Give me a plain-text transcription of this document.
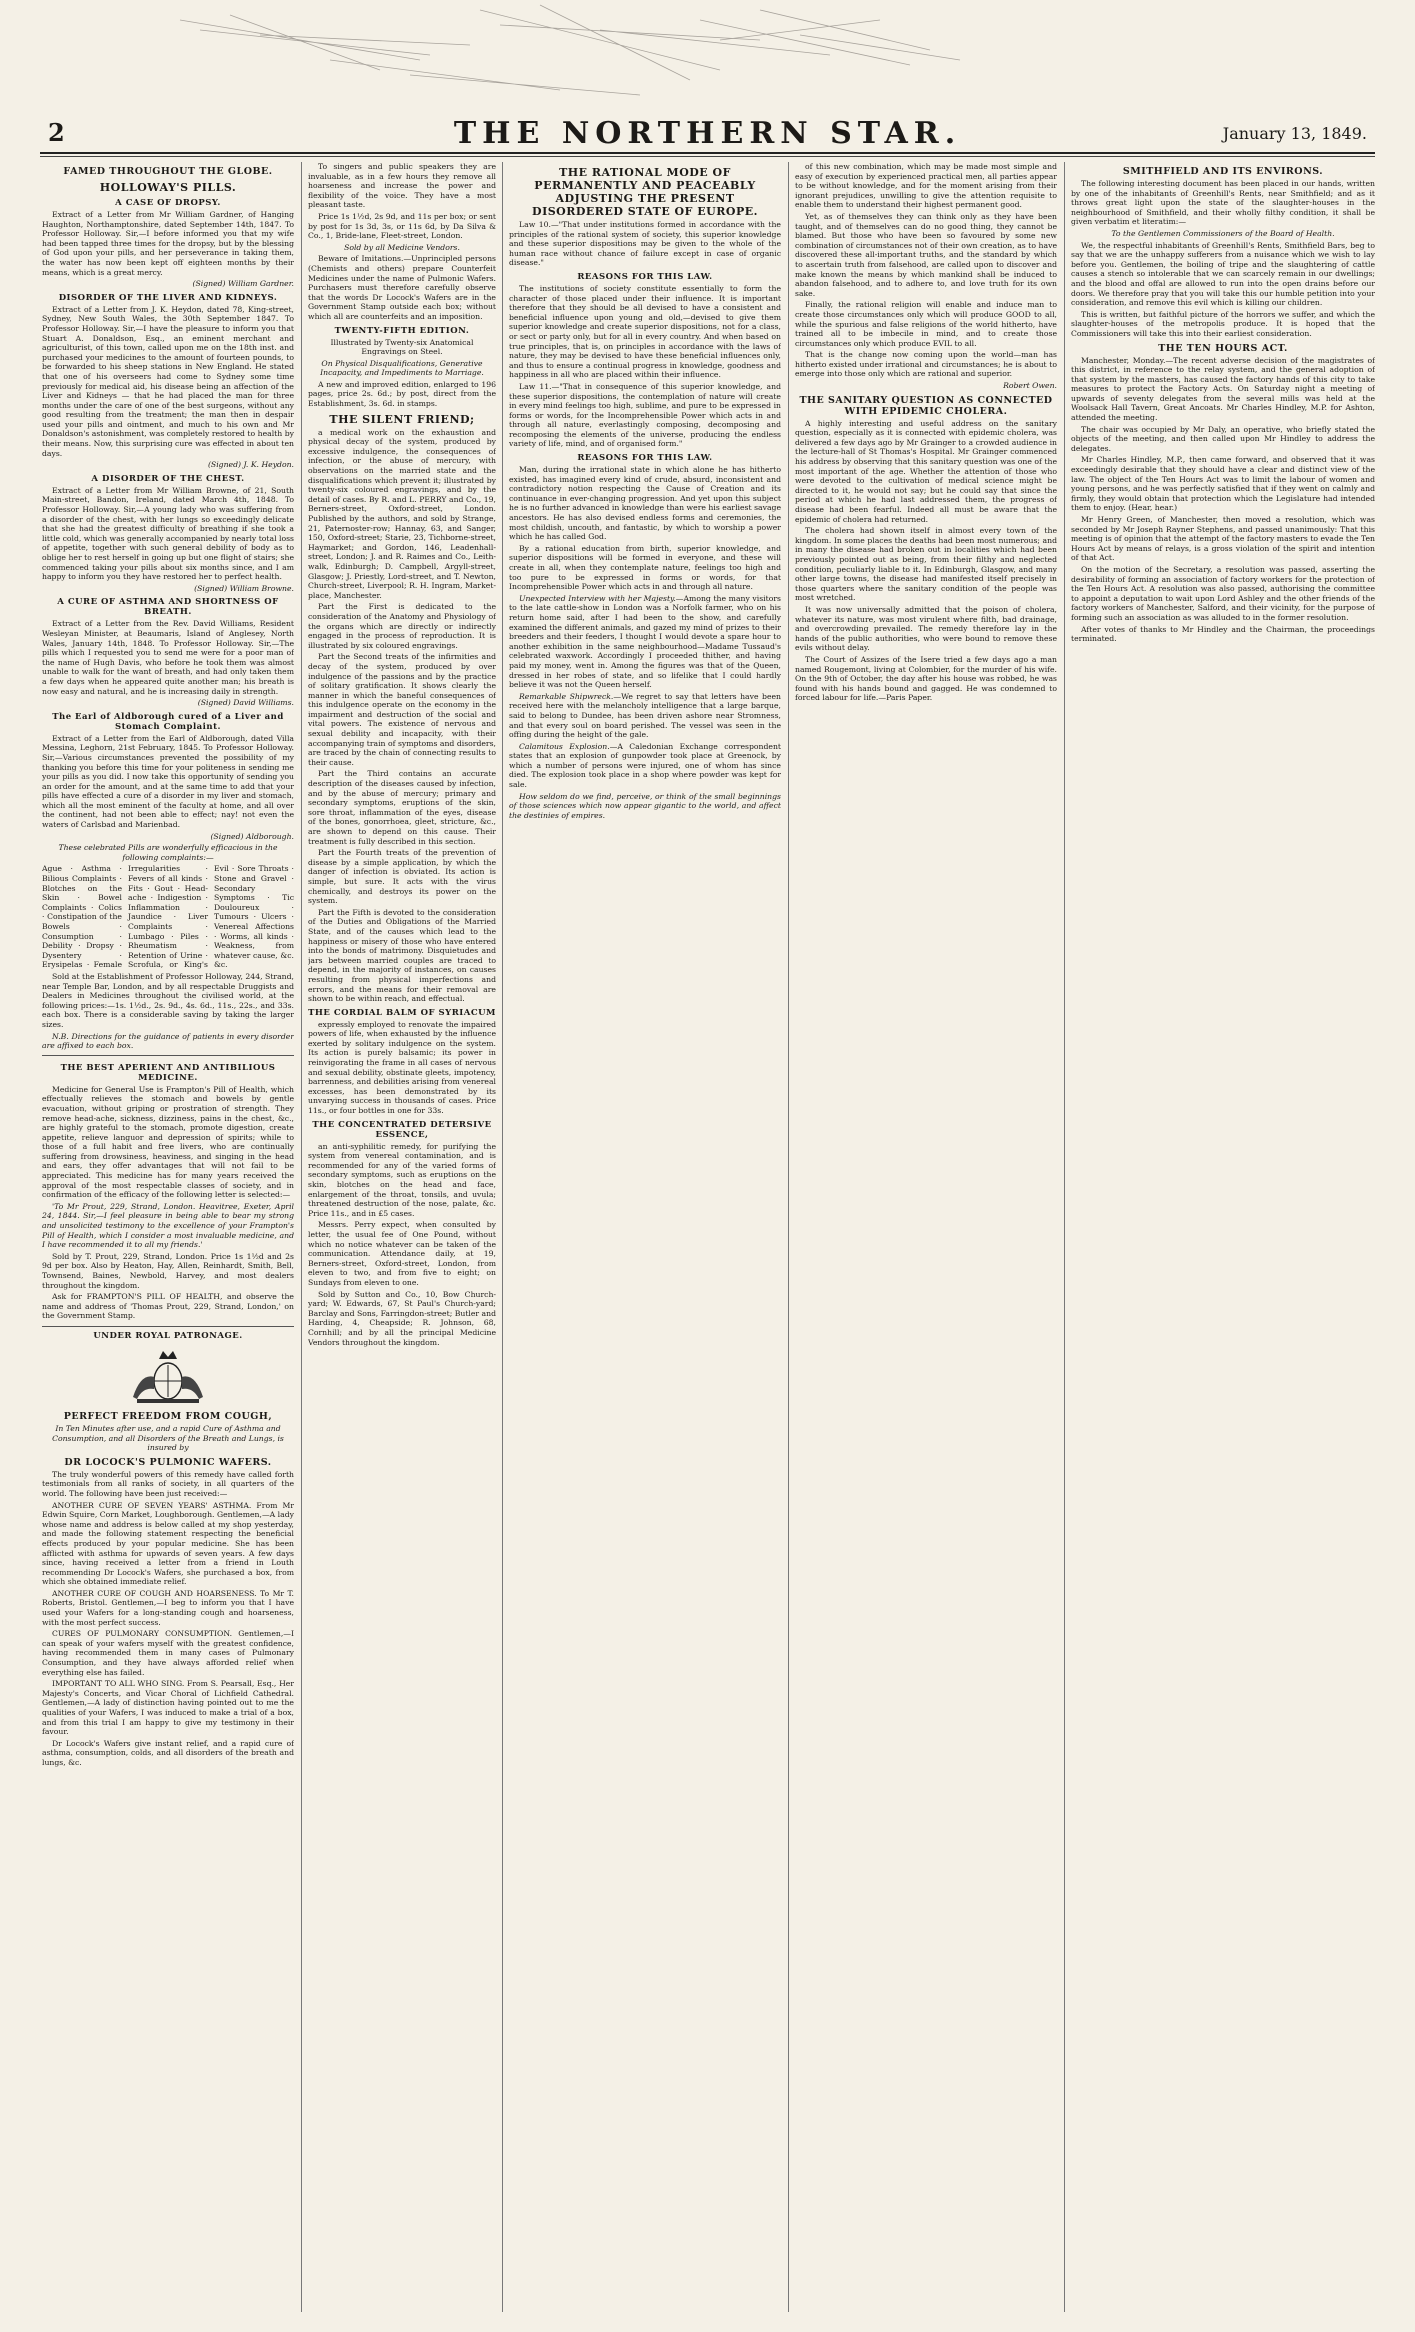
2	THE NORTHERN STAR.	January 13, 1849.
FAMED THROUGHOUT THE GLOBE.
HOLLOWAY'S PILLS.
A CASE OF DROPSY.

Extract of a Letter from Mr William Gardner, of Hanging Haughton, Northamptonshire, dated September 14th, 1847. To Professor Holloway. Sir,—I before informed you that my wife had been tapped three times for the dropsy, but by the blessing of God upon your pills, and her perseverance in taking them, the water has now been kept off eighteen months by their means, which is a great mercy.

(Signed) William Gardner.

DISORDER OF THE LIVER AND KIDNEYS.

Extract of a Letter from J. K. Heydon, dated 78, King-street, Sydney, New South Wales, the 30th September 1847. To Professor Holloway. Sir,—I have the pleasure to inform you that Stuart A. Donaldson, Esq., an eminent merchant and agriculturist, of this town, called upon me on the 18th inst. and purchased your medicines to the amount of fourteen pounds, to be forwarded to his sheep stations in New England. He stated that one of his overseers had come to Sydney some time previously for medical aid, his disease being an affection of the Liver and Kidneys — that he had placed the man for three months under the care of one of the best surgeons, without any good resulting from the treatment; the man then in despair used your pills and ointment, and much to his own and Mr Donaldson's astonishment, was completely restored to health by their means. Now, this surprising cure was effected in about ten days.

(Signed) J. K. Heydon.

A DISORDER OF THE CHEST.

Extract of a Letter from Mr William Browne, of 21, South Main-street, Bandon, Ireland, dated March 4th, 1848. To Professor Holloway. Sir,—A young lady who was suffering from a disorder of the chest, with her lungs so exceedingly delicate that she had the greatest difficulty of breathing if she took a little cold, which was generally accompanied by nearly total loss of appetite, together with such general debility of body as to oblige her to rest herself in going up but one flight of stairs; she commenced taking your pills about six months since, and I am happy to inform you they have restored her to perfect health.

(Signed) William Browne.

A CURE OF ASTHMA AND SHORTNESS OF BREATH.

Extract of a Letter from the Rev. David Williams, Resident Wesleyan Minister, at Beaumaris, Island of Anglesey, North Wales, January 14th, 1848. To Professor Holloway. Sir,—The pills which I requested you to send me were for a poor man of the name of Hugh Davis, who before he took them was almost unable to walk for the want of breath, and had only taken them a few days when he appeared quite another man; his breath is now easy and natural, and he is increasing daily in strength.

(Signed) David Williams.

The Earl of Aldborough cured of a Liver and Stomach Complaint.

Extract of a Letter from the Earl of Aldborough, dated Villa Messina, Leghorn, 21st February, 1845. To Professor Holloway. Sir,—Various circumstances prevented the possibility of my thanking you before this time for your politeness in sending me your pills as you did. I now take this opportunity of sending you an order for the amount, and at the same time to add that your pills have effected a cure of a disorder in my liver and stomach, which all the most eminent of the faculty at home, and all over the continent, had not been able to effect; nay! not even the waters of Carlsbad and Marienbad.

(Signed) Aldborough.

These celebrated Pills are wonderfully efficacious in the following complaints:—

Ague · Asthma · Bilious Complaints · Blotches on the Skin · Bowel Complaints · Colics · Constipation of the Bowels · Consumption · Debility · Dropsy · Dysentery · Erysipelas · Female Irregularities · Fevers of all kinds · Fits · Gout · Head-ache · Indigestion · Inflammation · Jaundice · Liver Complaints · Lumbago · Piles · Rheumatism · Retention of Urine · Scrofula, or King's Evil · Sore Throats · Stone and Gravel · Secondary Symptoms · Tic Douloureux · Tumours · Ulcers · Venereal Affections · Worms, all kinds · Weakness, from whatever cause, &c. &c.

Sold at the Establishment of Professor Holloway, 244, Strand, near Temple Bar, London, and by all respectable Druggists and Dealers in Medicines throughout the civilised world, at the following prices:—1s. 1½d., 2s. 9d., 4s. 6d., 11s., 22s., and 33s. each box. There is a considerable saving by taking the larger sizes.

N.B. Directions for the guidance of patients in every disorder are affixed to each box.

THE BEST APERIENT AND ANTIBILIOUS MEDICINE.

Medicine for General Use is Frampton's Pill of Health, which effectually relieves the stomach and bowels by gentle evacuation, without griping or prostration of strength. They remove head-ache, sickness, dizziness, pains in the chest, &c., are highly grateful to the stomach, promote digestion, create appetite, relieve languor and depression of spirits; while to those of a full habit and free livers, who are continually suffering from drowsiness, heaviness, and singing in the head and ears, they offer advantages that will not fail to be appreciated. This medicine has for many years received the approval of the most respectable classes of society, and in confirmation of the efficacy of the following letter is selected:—

'To Mr Prout, 229, Strand, London. Heavitree, Exeter, April 24, 1844. Sir,—I feel pleasure in being able to bear my strong and unsolicited testimony to the excellence of your Frampton's Pill of Health, which I consider a most invaluable medicine, and I have recommended it to all my friends.'

Sold by T. Prout, 229, Strand, London. Price 1s 1½d and 2s 9d per box. Also by Heaton, Hay, Allen, Reinhardt, Smith, Bell, Townsend, Baines, Newbold, Harvey, and most dealers throughout the kingdom.

Ask for FRAMPTON'S PILL OF HEALTH, and observe the name and address of 'Thomas Prout, 229, Strand, London,' on the Government Stamp.

UNDER ROYAL PATRONAGE.
PERFECT FREEDOM FROM COUGH,

In Ten Minutes after use, and a rapid Cure of Asthma and Consumption, and all Disorders of the Breath and Lungs, is insured by

DR LOCOCK'S PULMONIC WAFERS.

The truly wonderful powers of this remedy have called forth testimonials from all ranks of society, in all quarters of the world. The following have been just received:—

ANOTHER CURE OF SEVEN YEARS' ASTHMA. From Mr Edwin Squire, Corn Market, Loughborough. Gentlemen,—A lady whose name and address is below called at my shop yesterday, and made the following statement respecting the beneficial effects produced by your popular medicine. She has been afflicted with asthma for upwards of seven years. A few days since, having received a letter from a friend in Louth recommending Dr Locock's Wafers, she purchased a box, from which she obtained immediate relief.

ANOTHER CURE OF COUGH AND HOARSENESS. To Mr T. Roberts, Bristol. Gentlemen,—I beg to inform you that I have used your Wafers for a long-standing cough and hoarseness, with the most perfect success.

CURES OF PULMONARY CONSUMPTION. Gentlemen,—I can speak of your wafers myself with the greatest confidence, having recommended them in many cases of Pulmonary Consumption, and they have always afforded relief when everything else has failed.

IMPORTANT TO ALL WHO SING. From S. Pearsall, Esq., Her Majesty's Concerts, and Vicar Choral of Lichfield Cathedral. Gentlemen,—A lady of distinction having pointed out to me the qualities of your Wafers, I was induced to make a trial of a box, and from this trial I am happy to give my testimony in their favour.

Dr Locock's Wafers give instant relief, and a rapid cure of asthma, consumption, colds, and all disorders of the breath and lungs, &c.

To singers and public speakers they are invaluable, as in a few hours they remove all hoarseness and increase the power and flexibility of the voice. They have a most pleasant taste.

Price 1s 1½d, 2s 9d, and 11s per box; or sent by post for 1s 3d, 3s, or 11s 6d, by Da Silva & Co., 1, Bride-lane, Fleet-street, London.

Sold by all Medicine Vendors.

Beware of Imitations.—Unprincipled persons (Chemists and others) prepare Counterfeit Medicines under the name of Pulmonic Wafers. Purchasers must therefore carefully observe that the words Dr Locock's Wafers are in the Government Stamp outside each box; without which all are counterfeits and an imposition.

TWENTY-FIFTH EDITION.

Illustrated by Twenty-six Anatomical Engravings on Steel.

On Physical Disqualifications, Generative Incapacity, and Impediments to Marriage.

A new and improved edition, enlarged to 196 pages, price 2s. 6d.; by post, direct from the Establishment, 3s. 6d. in stamps.

THE SILENT FRIEND;

a medical work on the exhaustion and physical decay of the system, produced by excessive indulgence, the consequences of infection, or the abuse of mercury, with observations on the married state and the disqualifications which prevent it; illustrated by twenty-six coloured engravings, and by the detail of cases. By R. and L. PERRY and Co., 19, Berners-street, Oxford-street, London. Published by the authors, and sold by Strange, 21, Paternoster-row; Hannay, 63, and Sanger, 150, Oxford-street; Starie, 23, Tichborne-street, Haymarket; and Gordon, 146, Leadenhall-street, London; J. and R. Raimes and Co., Leith-walk, Edinburgh; D. Campbell, Argyll-street, Glasgow; J. Priestly, Lord-street, and T. Newton, Church-street, Liverpool; R. H. Ingram, Market-place, Manchester.

Part the First is dedicated to the consideration of the Anatomy and Physiology of the organs which are directly or indirectly engaged in the process of reproduction. It is illustrated by six coloured engravings.

Part the Second treats of the infirmities and decay of the system, produced by over indulgence of the passions and by the practice of solitary gratification. It shows clearly the manner in which the baneful consequences of this indulgence operate on the economy in the impairment and destruction of the social and vital powers. The existence of nervous and sexual debility and incapacity, with their accompanying train of symptoms and disorders, are traced by the chain of connecting results to their cause.

Part the Third contains an accurate description of the diseases caused by infection, and by the abuse of mercury; primary and secondary symptoms, eruptions of the skin, sore throat, inflammation of the eyes, disease of the bones, gonorrhoea, gleet, stricture, &c., are shown to depend on this cause. Their treatment is fully described in this section.

Part the Fourth treats of the prevention of disease by a simple application, by which the danger of infection is obviated. Its action is simple, but sure. It acts with the virus chemically, and destroys its power on the system.

Part the Fifth is devoted to the consideration of the Duties and Obligations of the Married State, and of the causes which lead to the happiness or misery of those who have entered into the bonds of matrimony. Disquietudes and jars between married couples are traced to depend, in the majority of instances, on causes resulting from physical imperfections and errors, and the means for their removal are shown to be within reach, and effectual.

THE CORDIAL BALM OF SYRIACUM

expressly employed to renovate the impaired powers of life, when exhausted by the influence exerted by solitary indulgence on the system. Its action is purely balsamic; its power in reinvigorating the frame in all cases of nervous and sexual debility, obstinate gleets, impotency, barrenness, and debilities arising from venereal excesses, has been demonstrated by its unvarying success in thousands of cases. Price 11s., or four bottles in one for 33s.

THE CONCENTRATED DETERSIVE ESSENCE,

an anti-syphilitic remedy, for purifying the system from venereal contamination, and is recommended for any of the varied forms of secondary symptoms, such as eruptions on the skin, blotches on the head and face, enlargement of the throat, tonsils, and uvula; threatened destruction of the nose, palate, &c. Price 11s., and in £5 cases.

Messrs. Perry expect, when consulted by letter, the usual fee of One Pound, without which no notice whatever can be taken of the communication. Attendance daily, at 19, Berners-street, Oxford-street, London, from eleven to two, and from five to eight; on Sundays from eleven to one.

Sold by Sutton and Co., 10, Bow Church-yard; W. Edwards, 67, St Paul's Church-yard; Barclay and Sons, Farringdon-street; Butler and Harding, 4, Cheapside; R. Johnson, 68, Cornhill; and by all the principal Medicine Vendors throughout the kingdom.

THE RATIONAL MODE OF PERMANENTLY AND PEACEABLY ADJUSTING THE PRESENT DISORDERED STATE OF EUROPE.

Law 10.—"That under institutions formed in accordance with the principles of the rational system of society, this superior knowledge and these superior dispositions may be given to the whole of the human race without chance of failure except in case of organic disease."

REASONS FOR THIS LAW.

The institutions of society constitute essentially to form the character of those placed under their influence. It is important therefore that they should be all devised to have a consistent and beneficial influence upon young and old,—devised to give them superior knowledge and create superior dispositions, not for a class, or sect or party only, but for all in every country. And when based on true principles, that is, on principles in accordance with the laws of nature, they may be devised to have these beneficial influences only, and thus to ensure a continual progress in knowledge, goodness and happiness in all who are placed within their influence.

Law 11.—"That in consequence of this superior knowledge, and these superior dispositions, the contemplation of nature will create in every mind feelings too high, sublime, and pure to be expressed in forms or words, for the Incomprehensible Power which acts in and through all nature, everlastingly composing, decomposing and recomposing the elements of the universe, producing the endless variety of life, mind, and of organised form."

REASONS FOR THIS LAW.

Man, during the irrational state in which alone he has hitherto existed, has imagined every kind of crude, absurd, inconsistent and contradictory notion respecting the Cause of Creation and its continuance in ever-changing progression. And yet upon this subject he is no further advanced in knowledge than were his earliest savage ancestors. He has also devised endless forms and ceremonies, the most childish, uncouth, and fantastic, by which to worship a power which he has called God.

By a rational education from birth, superior knowledge, and superior dispositions will be formed in everyone, and these will create in all, when they contemplate nature, feelings too high and too pure to be expressed in forms or words, for that Incomprehensible Power which acts in and through all nature.

Unexpected Interview with her Majesty.—Among the many visitors to the late cattle-show in London was a Norfolk farmer, who on his return home said, after I had been to the show, and carefully examined the different animals, and gazed my mind of prizes to their breeders and their feeders, I thought I would devote a spare hour to another exhibition in the same neighbourhood—Madame Tussaud's celebrated waxwork. Accordingly I proceeded thither, and having paid my money, went in. Among the figures was that of the Queen, dressed in her robes of state, and so lifelike that I could hardly believe it was not the Queen herself.

Remarkable Shipwreck.—We regret to say that letters have been received here with the melancholy intelligence that a large barque, said to belong to Dundee, has been driven ashore near Stromness, and that every soul on board perished. The vessel was seen in the offing during the height of the gale.

Calamitous Explosion.—A Caledonian Exchange correspondent states that an explosion of gunpowder took place at Greenock, by which a number of persons were injured, one of whom has since died. The explosion took place in a shop where powder was kept for sale.

How seldom do we find, perceive, or think of the small beginnings of those sciences which now appear gigantic to the world, and affect the destinies of empires.

of this new combination, which may be made most simple and easy of execution by experienced practical men, all parties appear to be without knowledge, and for the moment arising from their ignorant prejudices, unwilling to give the attention requisite to enable them to understand their highest permanent good.

Yet, as of themselves they can think only as they have been taught, and of themselves can do no good thing, they cannot be blamed. But those who have been so favoured by some new combination of circumstances not of their own creation, as to have discovered these all-important truths, and the standard by which to ascertain truth from falsehood, are called upon to discover and make known the means by which mankind shall be induced to abandon falsehood, and to adhere to, and love truth for its own sake.

Finally, the rational religion will enable and induce man to create those circumstances only which will produce GOOD to all, while the spurious and false religions of the world hitherto, have trained all to be imbecile in mind, and to create those circumstances only which produce EVIL to all.

That is the change now coming upon the world—man has hitherto existed under irrational and circumstances; he is about to emerge into those only which are rational and superior.

Robert Owen.

THE SANITARY QUESTION AS CONNECTED WITH EPIDEMIC CHOLERA.

A highly interesting and useful address on the sanitary question, especially as it is connected with epidemic cholera, was delivered a few days ago by Mr Grainger to a crowded audience in the lecture-hall of St Thomas's Hospital. Mr Grainger commenced his address by observing that this sanitary question was one of the most important of the age. Whether the attention of those who were devoted to the cultivation of medical science might be directed to it, he would not say; but he could say that since the period at which he had last addressed them, the progress of disease had been fearful. Indeed all must be aware that the epidemic of cholera had returned.

The cholera had shown itself in almost every town of the kingdom. In some places the deaths had been most numerous; and in many the disease had broken out in localities which had been previously pointed out as being, from their filthy and neglected condition, peculiarly liable to it. In Edinburgh, Glasgow, and many other large towns, the disease had manifested itself precisely in those quarters where the sanitary condition of the people was most wretched.

It was now universally admitted that the poison of cholera, whatever its nature, was most virulent where filth, bad drainage, and overcrowding prevailed. The remedy therefore lay in the hands of the public authorities, who were bound to remove these evils without delay.

The Court of Assizes of the Isere tried a few days ago a man named Rougemont, living at Colombier, for the murder of his wife. On the 9th of October, the day after his house was robbed, he was found with his hands bound and gagged. He was condemned to forced labour for life.—Paris Paper.

SMITHFIELD AND ITS ENVIRONS.

The following interesting document has been placed in our hands, written by one of the inhabitants of Greenhill's Rents, near Smithfield; and as it throws great light upon the state of the slaughter-houses in the neighbourhood of Smithfield, and their wholly filthy condition, it shall be given verbatim et literatim:—

To the Gentlemen Commissioners of the Board of Health.

We, the respectful inhabitants of Greenhill's Rents, Smithfield Bars, beg to say that we are the unhappy sufferers from a nuisance which we wish to lay before you. Gentlemen, the boiling of tripe and the slaughtering of cattle causes a stench so intolerable that we can scarcely remain in our dwellings; and the blood and offal are allowed to run into the open drains before our doors. We therefore pray that you will take this our humble petition into your consideration, and remove this evil which is killing our children.

This is written, but faithful picture of the horrors we suffer, and which the slaughter-houses of the metropolis produce. It is hoped that the Commissioners will take this into their earliest consideration.

THE TEN HOURS ACT.

Manchester, Monday.—The recent adverse decision of the magistrates of this district, in reference to the relay system, and the general adoption of that system by the masters, has caused the factory hands of this city to take measures to protect the Factory Acts. On Saturday night a meeting of upwards of seventy delegates from the several mills was held at the Woolsack Hall Tavern, Great Ancoats. Mr Charles Hindley, M.P. for Ashton, attended the meeting.

The chair was occupied by Mr Daly, an operative, who briefly stated the objects of the meeting, and then called upon Mr Hindley to address the delegates.

Mr Charles Hindley, M.P., then came forward, and observed that it was exceedingly desirable that they should have a clear and distinct view of the law. The object of the Ten Hours Act was to limit the labour of women and young persons, and he was perfectly satisfied that if they went on calmly and firmly, they would obtain that protection which the Legislature had intended them to enjoy. (Hear, hear.)

Mr Henry Green, of Manchester, then moved a resolution, which was seconded by Mr Joseph Rayner Stephens, and passed unanimously: That this meeting is of opinion that the attempt of the factory masters to evade the Ten Hours Act by means of relays, is a gross violation of the spirit and intention of that Act.

On the motion of the Secretary, a resolution was passed, asserting the desirability of forming an association of factory workers for the protection of the Ten Hours Act. A resolution was also passed, authorising the committee to appoint a deputation to wait upon Lord Ashley and the other friends of the factory workers of Manchester, Salford, and their vicinity, for the purpose of forming such an association as was alluded to in the former resolution.

After votes of thanks to Mr Hindley and the Chairman, the proceedings terminated.
